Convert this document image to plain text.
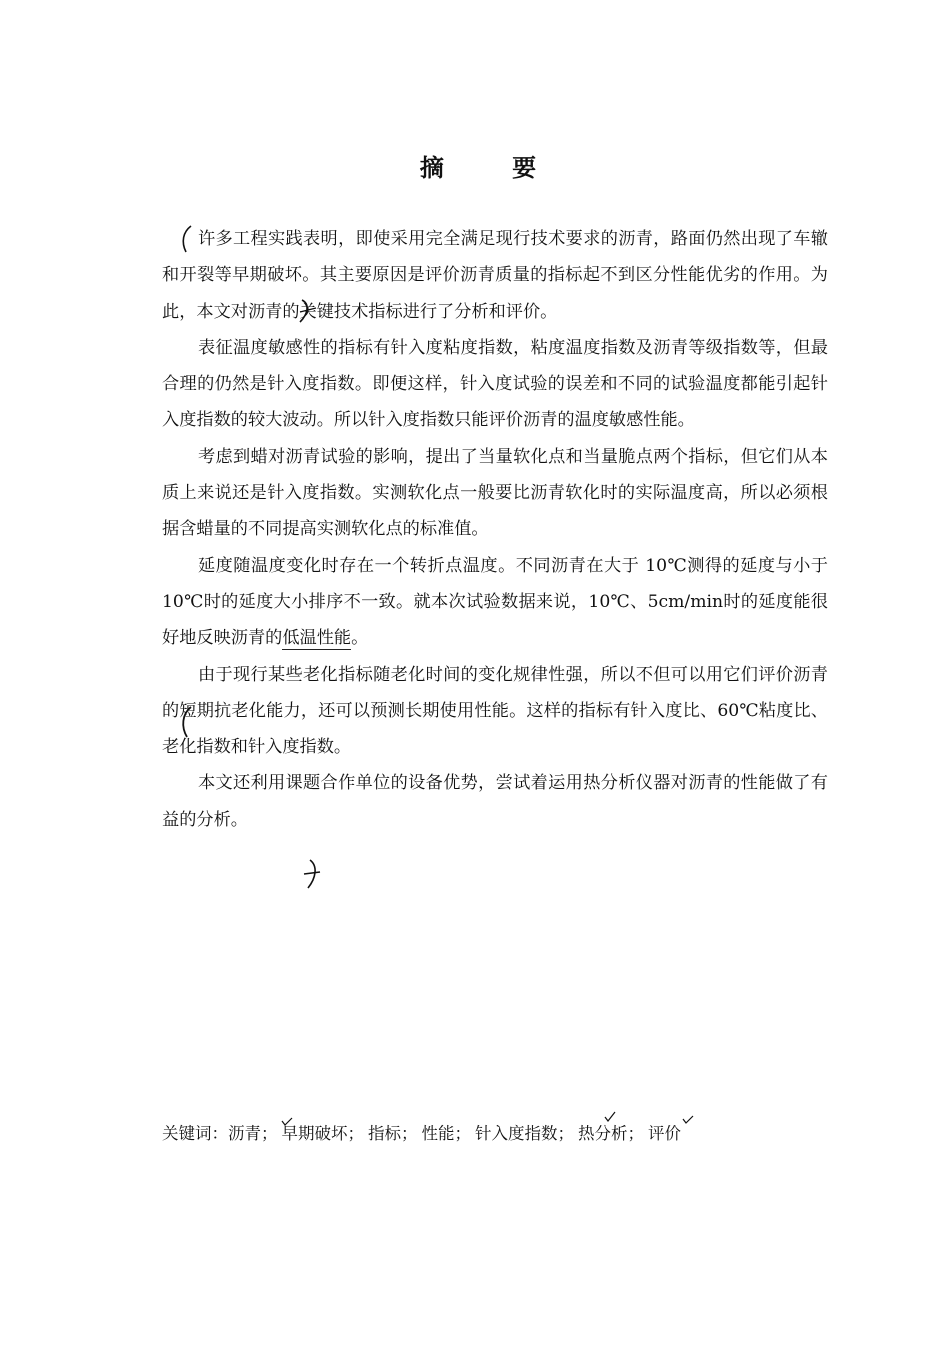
摘 要

许多工程实践表明，即使采用完全满足现行技术要求的沥青，路面仍然出现了车辙和开裂等早期破坏。其主要原因是评价沥青质量的指标起不到区分性能优劣的作用。为此，本文对沥青的关键技术指标进行了分析和评价。

表征温度敏感性的指标有针入度粘度指数，粘度温度指数及沥青等级指数等，但最合理的仍然是针入度指数。即便这样，针入度试验的误差和不同的试验温度都能引起针入度指数的较大波动。所以针入度指数只能评价沥青的温度敏感性能。

考虑到蜡对沥青试验的影响，提出了当量软化点和当量脆点两个指标，但它们从本质上来说还是针入度指数。实测软化点一般要比沥青软化时的实际温度高，所以必须根据含蜡量的不同提高实测软化点的标准值。

延度随温度变化时存在一个转折点温度。不同沥青在大于 10℃测得的延度与小于 10℃时的延度大小排序不一致。就本次试验数据来说，10℃、5cm/min时的延度能很好地反映沥青的低温性能。

由于现行某些老化指标随老化时间的变化规律性强，所以不但可以用它们评价沥青的短期抗老化能力，还可以预测长期使用性能。这样的指标有针入度比、60℃粘度比、老化指数和针入度指数。

本文还利用课题合作单位的设备优势，尝试着运用热分析仪器对沥青的性能做了有益的分析。

关键词：沥青； 早期破坏； 指标； 性能； 针入度指数； 热分析； 评价
